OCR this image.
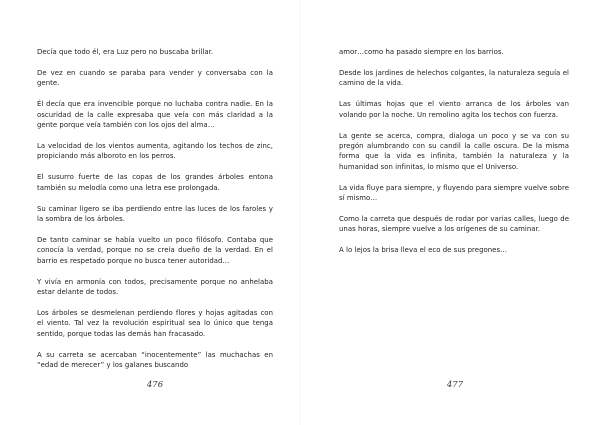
Decía que todo él, era Luz pero no buscaba brillar.

De vez en cuando se paraba para vender y conversaba con la gente.

Él decía que era invencible porque no luchaba contra nadie. En la oscuridad de la calle expresaba que veía con más claridad a la gente porque veía también con los ojos del alma…

La velocidad de los vientos aumenta, agitando los techos de zinc, propiciando más alboroto en los perros.

El susurro fuerte de las copas de los grandes árboles entona también su melodía como una letra ese prolongada.

Su caminar ligero se iba perdiendo entre las luces de los faroles y la sombra de los árboles.

De tanto caminar se había vuelto un poco filósofo. Contaba que conocía la verdad, porque no se creía dueño de la verdad. En el barrio es respetado porque no busca tener autoridad…

Y vivía en armonía con todos, precisamente porque no anhelaba estar delante de todos.

Los árboles se desmelenan perdiendo flores y hojas agitadas con el viento. Tal vez la revolución espiritual sea lo único que tenga sentido, porque todas las demás han fracasado.

A su carreta se acercaban “inocentemente” las muchachas en “edad de merecer” y los galanes buscando

476

amor…como ha pasado siempre en los barrios.

Desde los jardines de helechos colgantes, la naturaleza seguía el camino de la vida.

Las últimas hojas que el viento arranca de los árboles van volando por la noche. Un remolino agita los techos con fuerza.

La gente se acerca, compra, dialoga un poco y se va con su pregón alumbrando con su candil la calle oscura. De la misma forma que la vida es infinita, también la naturaleza y la humanidad son infinitas, lo mismo que el Universo.

La vida fluye para siempre, y fluyendo para siempre vuelve sobre sí mismo…

Como la carreta que después de rodar por varias calles, luego de unas horas, siempre vuelve a los orígenes de su caminar.

A lo lejos la brisa lleva el eco de sus pregones…

477
